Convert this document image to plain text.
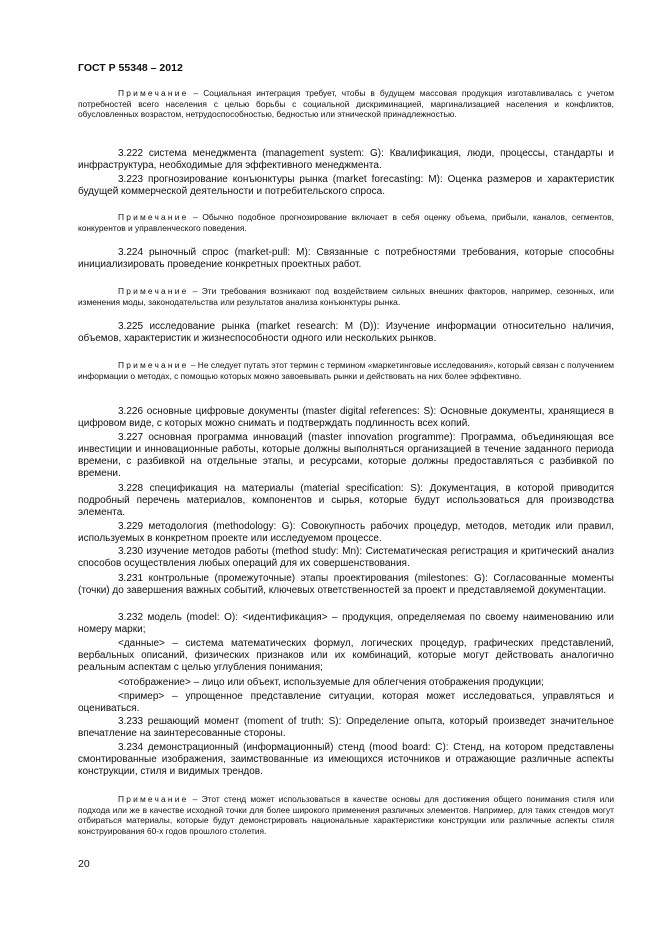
ГОСТ Р 55348 – 2012
Примечание – Социальная интеграция требует, чтобы в будущем массовая продукция изготавливалась с учетом потребностей всего населения с целью борьбы с социальной дискриминацией, маргинализацией населения и конфликтов, обусловленных возрастом, нетрудоспособностью, бедностью или этнической принадлежностью.
3.222 система менеджмента (management system: G): Квалификация, люди, процессы, стандарты и инфраструктура, необходимые для эффективного менеджмента.
3.223 прогнозирование конъюнктуры рынка (market forecasting: M): Оценка размеров и характеристик будущей коммерческой деятельности и потребительского спроса.
Примечание – Обычно подобное прогнозирование включает в себя оценку объема, прибыли, каналов, сегментов, конкурентов и управленческого поведения.
3.224 рыночный спрос (market-pull: M): Связанные с потребностями требования, которые способны инициализировать проведение конкретных проектных работ.
Примечание – Эти требования возникают под воздействием сильных внешних факторов, например, сезонных, или изменения моды, законодательства или результатов анализа конъюнктуры рынка.
3.225 исследование рынка (market research: M (D)): Изучение информации относительно наличия, объемов, характеристик и жизнеспособности одного или нескольких рынков.
Примечание – Не следует путать этот термин с термином «маркетинговые исследования», который связан с получением информации о методах, с помощью которых можно завоевывать рынки и действовать на них более эффективно.
3.226 основные цифровые документы (master digital references: S): Основные документы, хранящиеся в цифровом виде, с которых можно снимать и подтверждать подлинность всех копий.
3.227 основная программа инноваций (master innovation programme): Программа, объединяющая все инвестиции и инновационные работы, которые должны выполняться организацией в течение заданного периода времени, с разбивкой на отдельные этапы, и ресурсами, которые должны предоставляться с разбивкой по времени.
3.228 спецификация на материалы (material specification: S): Документация, в которой приводится подробный перечень материалов, компонентов и сырья, которые будут использоваться для производства элемента.
3.229 методология (methodology: G): Совокупность рабочих процедур, методов, методик или правил, используемых в конкретном проекте или исследуемом процессе.
3.230 изучение методов работы (method study: Mn): Систематическая регистрация и критический анализ способов осуществления любых операций для их совершенствования.
3.231 контрольные (промежуточные) этапы проектирования (milestones: G): Согласованные моменты (точки) до завершения важных событий, ключевых ответственностей за проект и представляемой документации.
3.232 модель (model: O): <идентификация> – продукция, определяемая по своему наименованию или номеру марки;
<данные> – система математических формул, логических процедур, графических представлений, вербальных описаний, физических признаков или их комбинаций, которые могут действовать аналогично реальным аспектам с целью углубления понимания;
<отображение> – лицо или объект, используемые для облегчения отображения продукции;
<пример> – упрощенное представление ситуации, которая может исследоваться, управляться и оцениваться.
3.233 решающий момент (moment of truth: S): Определение опыта, который произведет значительное впечатление на заинтересованные стороны.
3.234 демонстрационный (информационный) стенд (mood board: C): Стенд, на котором представлены смонтированные изображения, заимствованные из имеющихся источников и отражающие различные аспекты конструкции, стиля и видимых трендов.
Примечание – Этот стенд может использоваться в качестве основы для достижения общего понимания стиля или подхода или же в качестве исходной точки для более широкого применения различных элементов. Например, для таких стендов могут отбираться материалы, которые будут демонстрировать национальные характеристики конструкции или различные аспекты стиля конструирования 60-х годов прошлого столетия.
20
